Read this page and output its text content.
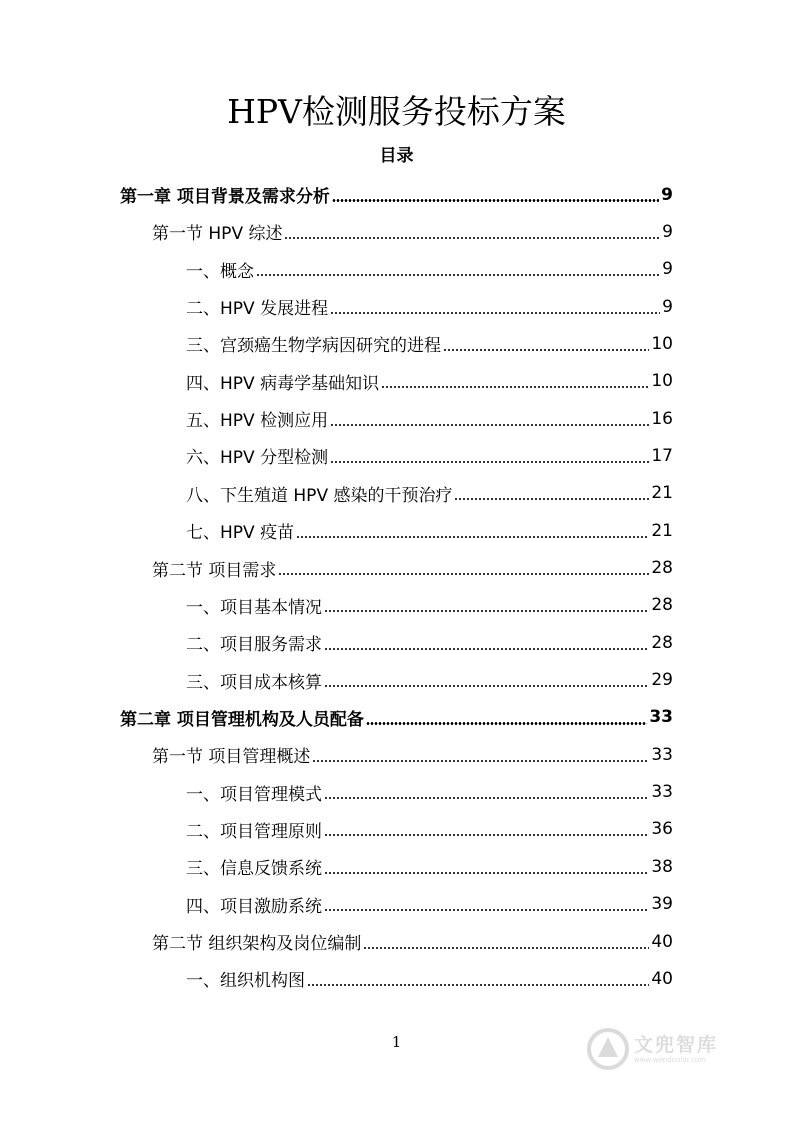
HPV检测服务投标方案
目录
第一章 项目背景及需求分析	9
第一节 HPV 综述	9
一、概念	9
二、HPV 发展进程	9
三、宫颈癌生物学病因研究的进程	10
四、HPV 病毒学基础知识	10
五、HPV 检测应用	16
六、HPV 分型检测	17
八、下生殖道 HPV 感染的干预治疗	21
七、HPV 疫苗	21
第二节 项目需求	28
一、项目基本情况	28
二、项目服务需求	28
三、项目成本核算	29
第二章 项目管理机构及人员配备	33
第一节 项目管理概述	33
一、项目管理模式	33
二、项目管理原则	36
三、信息反馈系统	38
四、项目激励系统	39
第二节 组织架构及岗位编制	40
一、组织机构图	40
1	文兜智库
www.wendoulib.com
